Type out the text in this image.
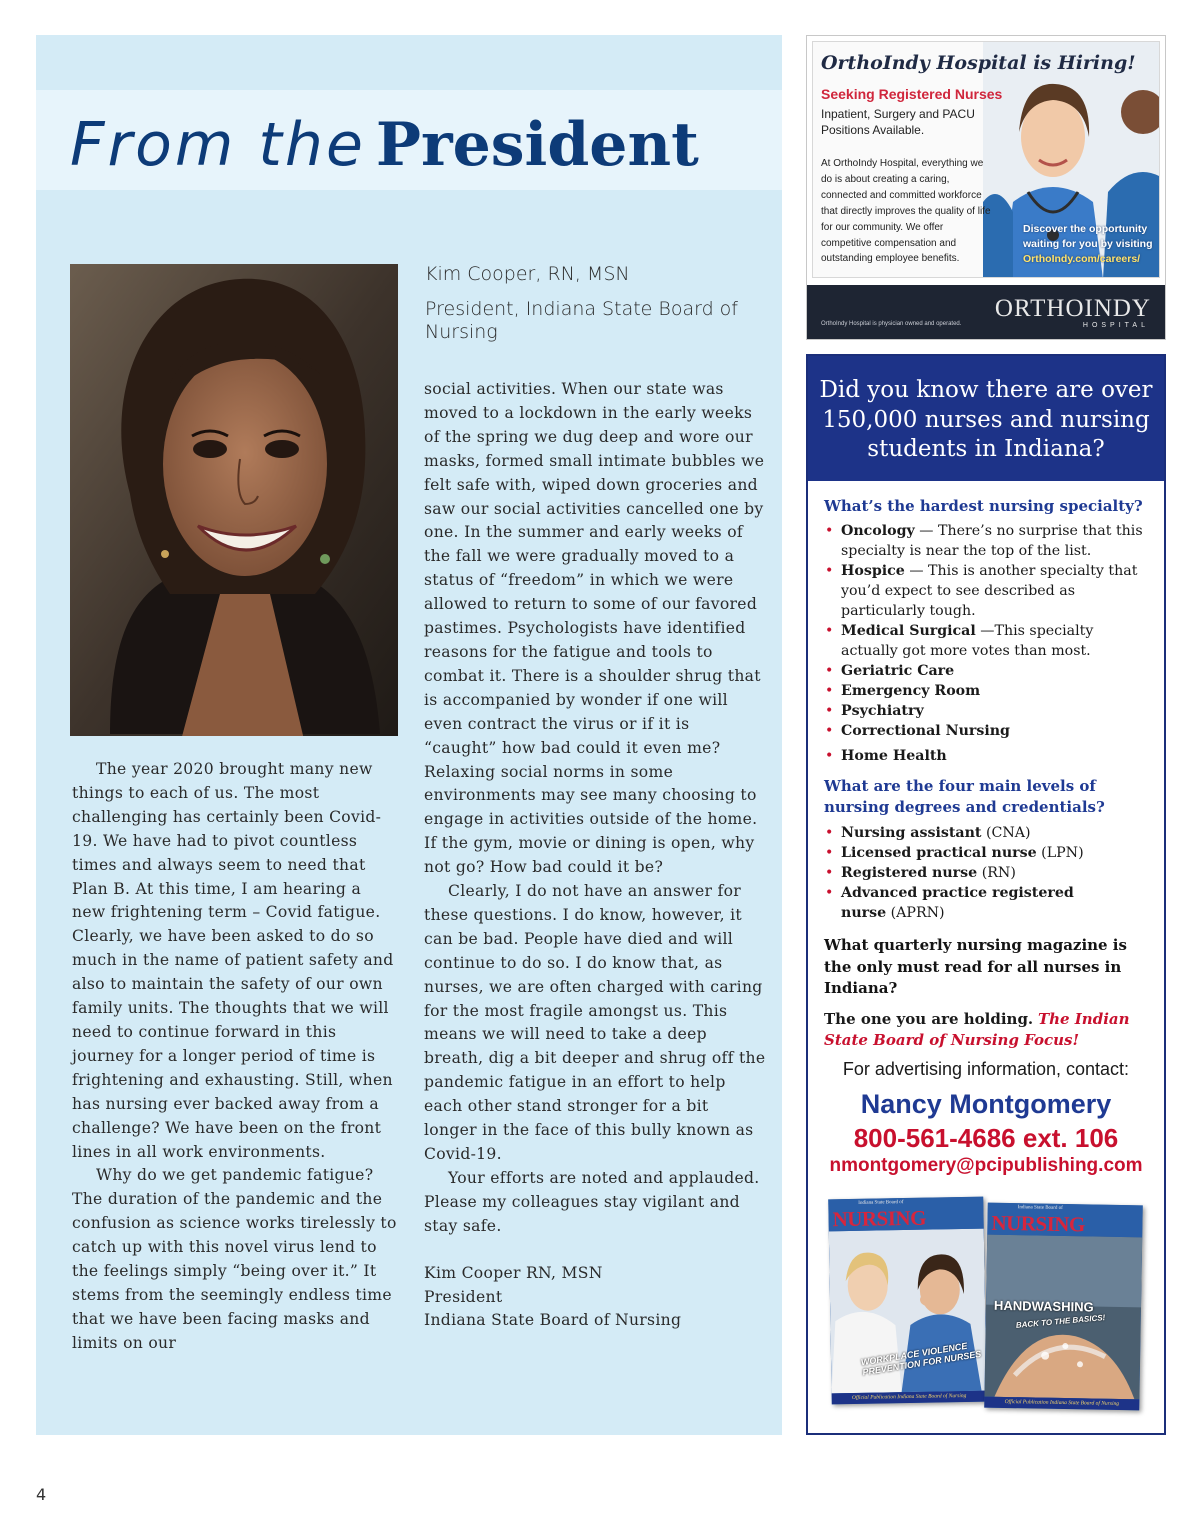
From the President
Kim Cooper, RN, MSN
President, Indiana State Board of Nursing

The year 2020 brought many new things to each of us. The most challenging has certainly been Covid-19. We have had to pivot countless times and always seem to need that Plan B. At this time, I am hearing a new frightening term – Covid fatigue. Clearly, we have been asked to do so much in the name of patient safety and also to maintain the safety of our own family units. The thoughts that we will need to continue forward in this journey for a longer period of time is frightening and exhausting. Still, when has nursing ever backed away from a challenge? We have been on the front lines in all work environments.

Why do we get pandemic fatigue? The duration of the pandemic and the confusion as science works tirelessly to catch up with this novel virus lend to the feelings simply “being over it.” It stems from the seemingly endless time that we have been facing masks and limits on our

social activities. When our state was moved to a lockdown in the early weeks of the spring we dug deep and wore our masks, formed small intimate bubbles we felt safe with, wiped down groceries and saw our social activities cancelled one by one. In the summer and early weeks of the fall we were gradually moved to a status of “freedom” in which we were allowed to return to some of our favored pastimes. Psychologists have identified reasons for the fatigue and tools to combat it. There is a shoulder shrug that is accompanied by wonder if one will even contract the virus or if it is “caught” how bad could it even me? Relaxing social norms in some environments may see many choosing to engage in activities outside of the home. If the gym, movie or dining is open, why not go? How bad could it be?

Clearly, I do not have an answer for these questions. I do know, however, it can be bad. People have died and will continue to do so. I do know that, as nurses, we are often charged with caring for the most fragile amongst us. This means we will need to take a deep breath, dig a bit deeper and shrug off the pandemic fatigue in an effort to help each other stand stronger for a bit longer in the face of this bully known as Covid-19.

Your efforts are noted and applauded. Please my colleagues stay vigilant and stay safe.

Kim Cooper RN, MSN
President
Indiana State Board of Nursing
4
OrthoIndy Hospital is Hiring!
Seeking Registered Nurses
Inpatient, Surgery and PACU Positions Available.
At OrthoIndy Hospital, everything we do is about creating a caring, connected and committed workforce that directly improves the quality of life for our community. We offer competitive compensation and outstanding employee benefits.
Discover the opportunity waiting for you by visiting
OrthoIndy.com/careers/
OrthoIndy Hospital is physician owned and operated.
ORTHOINDY
HOSPITAL
Did you know there are over 150,000 nurses and nursing students in Indiana?
What’s the hardest nursing specialty?
• Oncology — There’s no surprise that this specialty is near the top of the list.
• Hospice — This is another specialty that you’d expect to see described as particularly tough.
• Medical Surgical —This specialty actually got more votes than most.
• Geriatric Care
• Emergency Room
• Psychiatry
• Correctional Nursing
• Home Health
What are the four main levels of nursing degrees and credentials?
• Nursing assistant (CNA)
• Licensed practical nurse (LPN)
• Registered nurse (RN)
• Advanced practice registered nurse (APRN)
What quarterly nursing magazine is the only must read for all nurses in Indiana?
The one you are holding. The Indian State Board of Nursing Focus!
For advertising information, contact:
Nancy Montgomery
800-561-4686 ext. 106
nmontgomery@pcipublishing.com
Indiana State Board of
NURSING
WORKPLACE VIOLENCE PREVENTION FOR NURSES
Official Publication Indiana State Board of Nursing
Indiana State Board of
NURSING
HANDWASHING
BACK TO THE BASICS!
Official Publication Indiana State Board of Nursing
